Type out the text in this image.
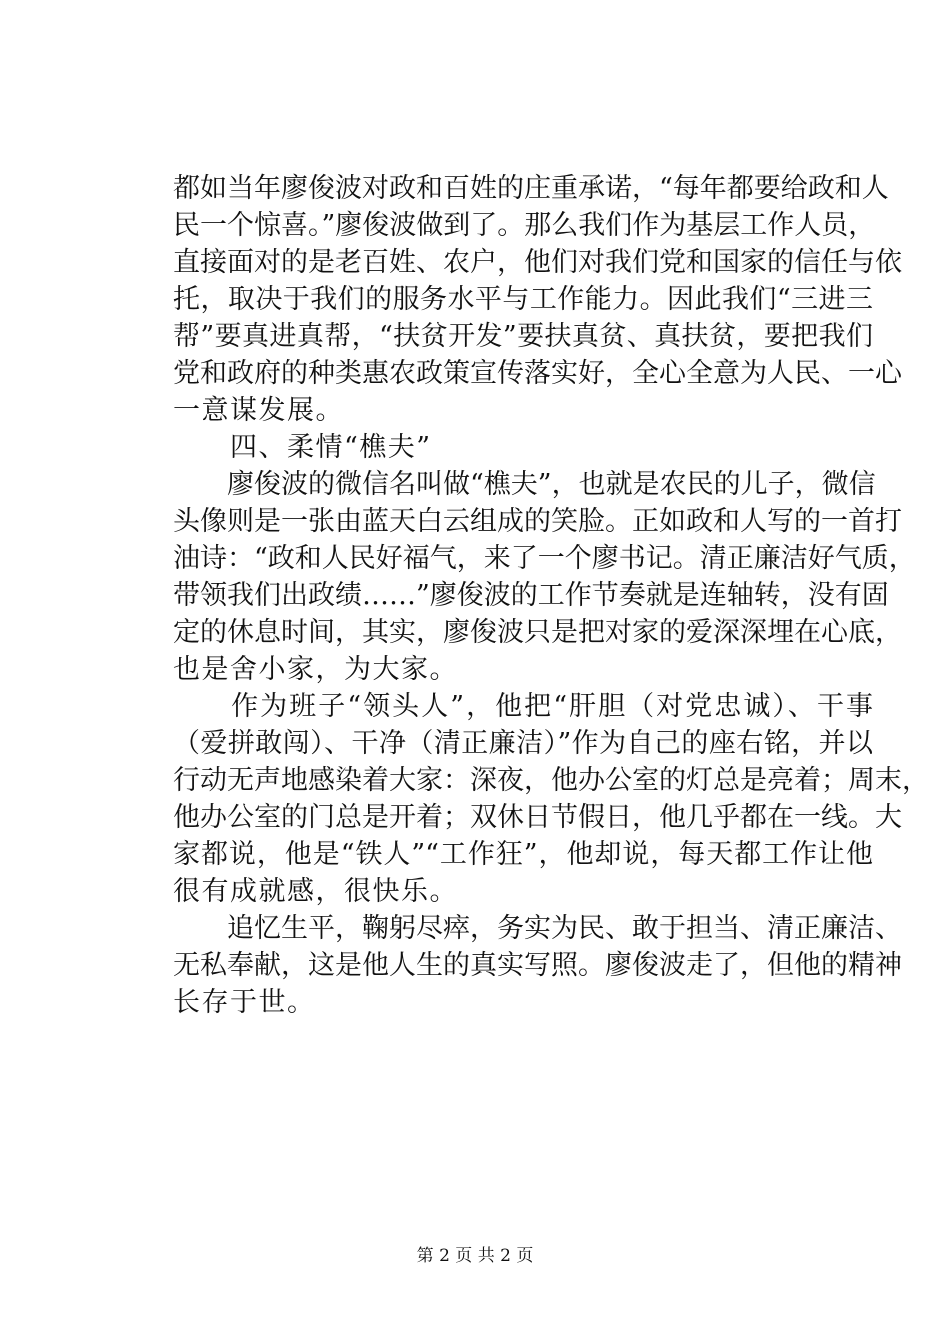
都如当年廖俊波对政和百姓的庄重承诺，“每年都要给政和人
民一个惊喜。”廖俊波做到了。那么我们作为基层工作人员，
直接面对的是老百姓、农户，他们对我们党和国家的信任与依
托，取决于我们的服务水平与工作能力。因此我们“三进三
帮”要真进真帮，“扶贫开发”要扶真贫、真扶贫，要把我们
党和政府的种类惠农政策宣传落实好，全心全意为人民、一心
一意谋发展。
　　四、柔情“樵夫”
　　廖俊波的微信名叫做“樵夫”，也就是农民的儿子，微信
头像则是一张由蓝天白云组成的笑脸。正如政和人写的一首打
油诗：“政和人民好福气，来了一个廖书记。清正廉洁好气质，
带领我们出政绩……”廖俊波的工作节奏就是连轴转，没有固
定的休息时间，其实，廖俊波只是把对家的爱深深埋在心底，
也是舍小家，为大家。
　　作为班子“领头人”，他把“肝胆（对党忠诚）、干事
（爱拼敢闯）、干净（清正廉洁）”作为自己的座右铭，并以
行动无声地感染着大家：深夜，他办公室的灯总是亮着；周末，
他办公室的门总是开着；双休日节假日，他几乎都在一线。大
家都说，他是“铁人”“工作狂”，他却说，每天都工作让他
很有成就感，很快乐。
　　追忆生平，鞠躬尽瘁，务实为民、敢于担当、清正廉洁、
无私奉献，这是他人生的真实写照。廖俊波走了，但他的精神
长存于世。
第 2 页 共 2 页
